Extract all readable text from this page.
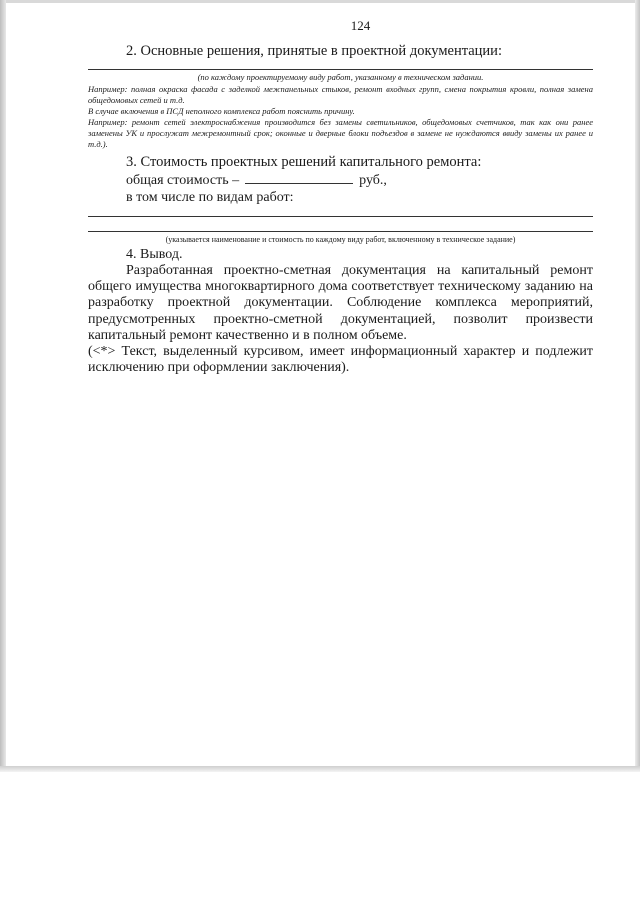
124

2. Основные решения, принятые в проектной документации:

(по каждому проектируемому виду работ, указанному в техническом задании.

Например: полная окраска фасада с заделкой межпанельных стыков, ремонт входных групп, смена покрытия кровли, полная замена общедомовых сетей и т.д.

В случае включения в ПСД неполного комплекса работ пояснить причину.

Например: ремонт сетей электроснабжения производится без замены светильников, общедомовых счетчиков, так как они ранее заменены УК и прослужат межремонтный срок; оконные и дверные блоки подъездов в замене не нуждаются ввиду замены их ранее и т.д.).

3. Стоимость проектных решений капитального ремонта:

общая стоимость –	руб.,

в том числе по видам работ:

(указывается наименование и стоимость по каждому виду работ, включенному в техническое задание)

4. Вывод.

Разработанная проектно-сметная документация на капитальный ремонт общего имущества многоквартирного дома соответствует техническому заданию на разработку проектной документации. Соблюдение комплекса мероприятий, предусмотренных проектно-сметной документацией, позволит произвести капитальный ремонт качественно и в полном объеме.

(<*> Текст, выделенный курсивом, имеет информационный характер и подлежит исключению при оформлении заключения).
